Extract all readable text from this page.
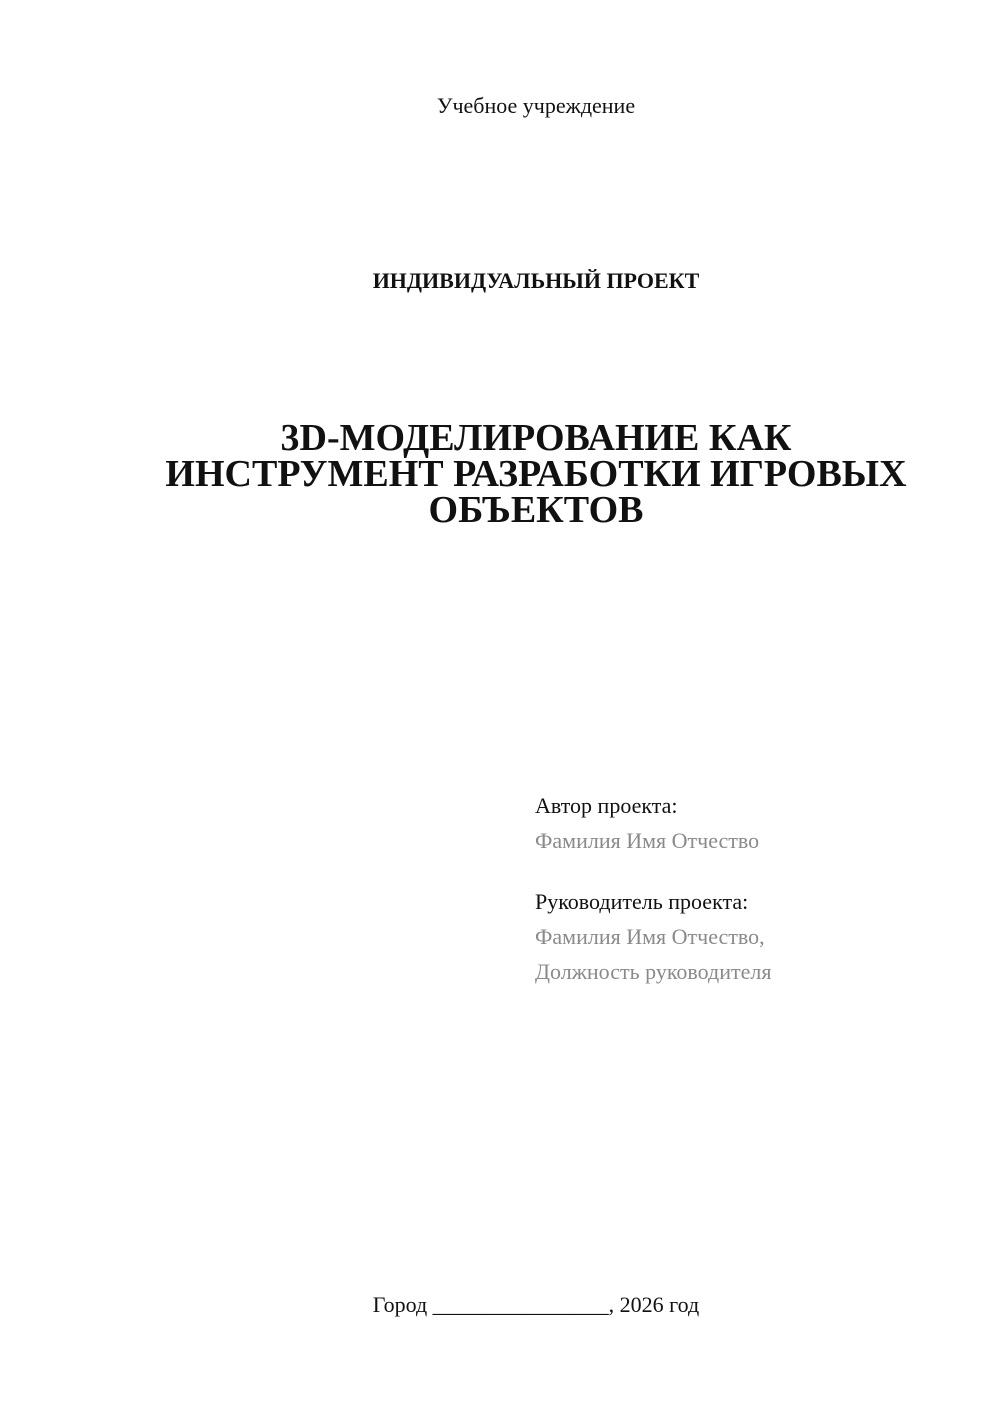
Учебное учреждение
ИНДИВИДУАЛЬНЫЙ ПРОЕКТ
3D-МОДЕЛИРОВАНИЕ КАК
ИНСТРУМЕНТ РАЗРАБОТКИ ИГРОВЫХ
ОБЪЕКТОВ
Автор проекта:
Фамилия Имя Отчество
Руководитель проекта:
Фамилия Имя Отчество,
Должность руководителя
Город ________________, 2026 год
